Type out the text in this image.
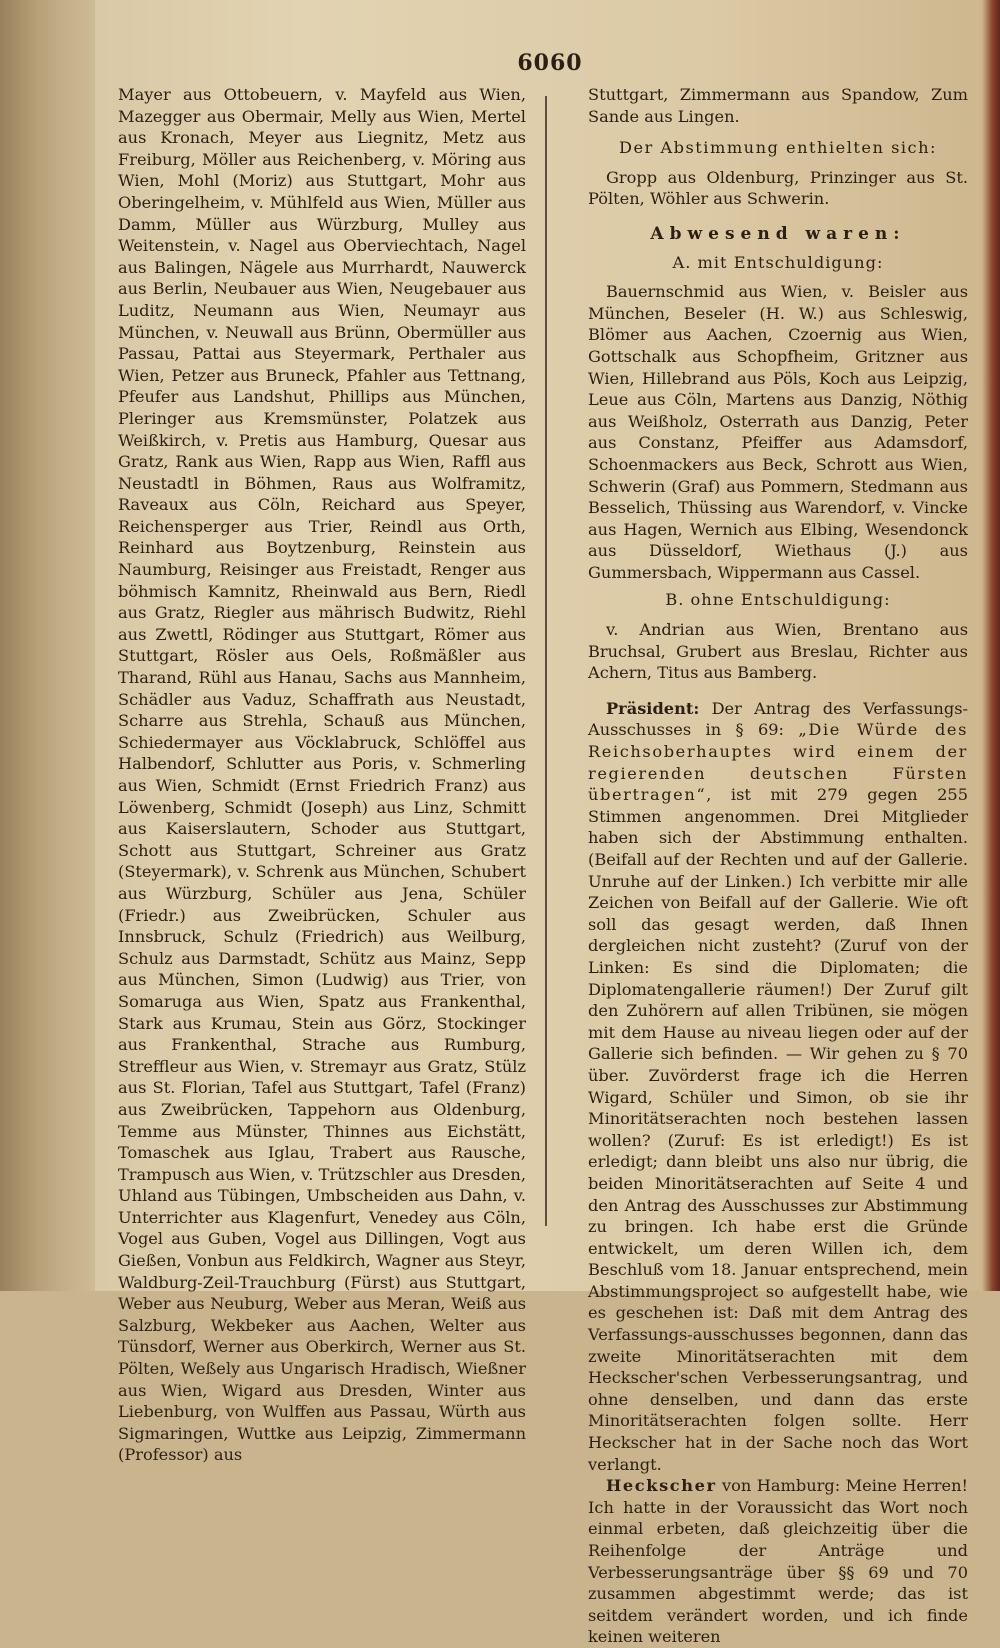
6060

Mayer aus Ottobeuern, v. Mayfeld aus Wien, Mazegger aus Obermair, Melly aus Wien, Mertel aus Kronach, Meyer aus Liegnitz, Metz aus Freiburg, Möller aus Reichenberg, v. Möring aus Wien, Mohl (Moriz) aus Stuttgart, Mohr aus Oberingelheim, v. Mühlfeld aus Wien, Müller aus Damm, Müller aus Würzburg, Mulley aus Weitenstein, v. Nagel aus Oberviechtach, Nagel aus Balingen, Nägele aus Murrhardt, Nauwerck aus Berlin, Neubauer aus Wien, Neugebauer aus Luditz, Neumann aus Wien, Neumayr aus München, v. Neuwall aus Brünn, Obermüller aus Passau, Pattai aus Steyermark, Perthaler aus Wien, Petzer aus Bruneck, Pfahler aus Tettnang, Pfeufer aus Landshut, Phillips aus München, Pleringer aus Kremsmünster, Polatzek aus Weißkirch, v. Pretis aus Hamburg, Quesar aus Gratz, Rank aus Wien, Rapp aus Wien, Raffl aus Neustadtl in Böhmen, Raus aus Wolframitz, Raveaux aus Cöln, Reichard aus Speyer, Reichensperger aus Trier, Reindl aus Orth, Reinhard aus Boytzenburg, Reinstein aus Naumburg, Reisinger aus Freistadt, Renger aus böhmisch Kamnitz, Rheinwald aus Bern, Riedl aus Gratz, Riegler aus mährisch Budwitz, Riehl aus Zwettl, Rödinger aus Stuttgart, Römer aus Stuttgart, Rösler aus Oels, Roßmäßler aus Tharand, Rühl aus Hanau, Sachs aus Mannheim, Schädler aus Vaduz, Schaffrath aus Neustadt, Scharre aus Strehla, Schauß aus München, Schiedermayer aus Vöcklabruck, Schlöffel aus Halbendorf, Schlutter aus Poris, v. Schmerling aus Wien, Schmidt (Ernst Friedrich Franz) aus Löwenberg, Schmidt (Joseph) aus Linz, Schmitt aus Kaiserslautern, Schoder aus Stuttgart, Schott aus Stuttgart, Schreiner aus Gratz (Steyermark), v. Schrenk aus München, Schubert aus Würzburg, Schüler aus Jena, Schüler (Friedr.) aus Zweibrücken, Schuler aus Innsbruck, Schulz (Friedrich) aus Weilburg, Schulz aus Darmstadt, Schütz aus Mainz, Sepp aus München, Simon (Ludwig) aus Trier, von Somaruga aus Wien, Spatz aus Frankenthal, Stark aus Krumau, Stein aus Görz, Stockinger aus Frankenthal, Strache aus Rumburg, Streffleur aus Wien, v. Stremayr aus Gratz, Stülz aus St. Florian, Tafel aus Stuttgart, Tafel (Franz) aus Zweibrücken, Tappehorn aus Oldenburg, Temme aus Münster, Thinnes aus Eichstätt, Tomaschek aus Iglau, Trabert aus Rausche, Trampusch aus Wien, v. Trützschler aus Dresden, Uhland aus Tübingen, Umbscheiden aus Dahn, v. Unterrichter aus Klagenfurt, Venedey aus Cöln, Vogel aus Guben, Vogel aus Dillingen, Vogt aus Gießen, Vonbun aus Feldkirch, Wagner aus Steyr, Waldburg-Zeil-Trauchburg (Fürst) aus Stuttgart, Weber aus Neuburg, Weber aus Meran, Weiß aus Salzburg, Wekbeker aus Aachen, Welter aus Tünsdorf, Werner aus Oberkirch, Werner aus St. Pölten, Weßely aus Ungarisch Hradisch, Wießner aus Wien, Wigard aus Dresden, Winter aus Liebenburg, von Wulffen aus Passau, Würth aus Sigmaringen, Wuttke aus Leipzig, Zimmermann (Professor) aus

Stuttgart, Zimmermann aus Spandow, Zum Sande aus Lingen.

Der Abstimmung enthielten sich:

Gropp aus Oldenburg, Prinzinger aus St. Pölten, Wöhler aus Schwerin.

Abwesend waren:

A. mit Entschuldigung:

Bauernschmid aus Wien, v. Beisler aus München, Beseler (H. W.) aus Schleswig, Blömer aus Aachen, Czoernig aus Wien, Gottschalk aus Schopfheim, Gritzner aus Wien, Hillebrand aus Pöls, Koch aus Leipzig, Leue aus Cöln, Martens aus Danzig, Nöthig aus Weißholz, Osterrath aus Danzig, Peter aus Constanz, Pfeiffer aus Adamsdorf, Schoenmackers aus Beck, Schrott aus Wien, Schwerin (Graf) aus Pommern, Stedmann aus Besselich, Thüssing aus Warendorf, v. Vincke aus Hagen, Wernich aus Elbing, Wesendonck aus Düsseldorf, Wiethaus (J.) aus Gummersbach, Wippermann aus Cassel.

B. ohne Entschuldigung:

v. Andrian aus Wien, Brentano aus Bruchsal, Grubert aus Breslau, Richter aus Achern, Titus aus Bamberg.

Präsident: Der Antrag des Verfassungs-Ausschusses in § 69: „Die Würde des Reichsoberhauptes wird einem der regierenden deutschen Fürsten übertragen“, ist mit 279 gegen 255 Stimmen angenommen. Drei Mitglieder haben sich der Abstimmung enthalten. (Beifall auf der Rechten und auf der Gallerie. Unruhe auf der Linken.) Ich verbitte mir alle Zeichen von Beifall auf der Gallerie. Wie oft soll das gesagt werden, daß Ihnen dergleichen nicht zusteht? (Zuruf von der Linken: Es sind die Diplomaten; die Diplomatengallerie räumen!) Der Zuruf gilt den Zuhörern auf allen Tribünen, sie mögen mit dem Hause au niveau liegen oder auf der Gallerie sich befinden. — Wir gehen zu § 70 über. Zuvörderst frage ich die Herren Wigard, Schüler und Simon, ob sie ihr Minoritätserachten noch bestehen lassen wollen? (Zuruf: Es ist erledigt!) Es ist erledigt; dann bleibt uns also nur übrig, die beiden Minoritätserachten auf Seite 4 und den Antrag des Ausschusses zur Abstimmung zu bringen. Ich habe erst die Gründe entwickelt, um deren Willen ich, dem Beschluß vom 18. Januar entsprechend, mein Abstimmungsproject so aufgestellt habe, wie es geschehen ist: Daß mit dem Antrag des Verfassungs-ausschusses begonnen, dann das zweite Minoritätserachten mit dem Heckscher'schen Verbesserungsantrag, und ohne denselben, und dann das erste Minoritätserachten folgen sollte. Herr Heckscher hat in der Sache noch das Wort verlangt.

Heckscher von Hamburg: Meine Herren! Ich hatte in der Voraussicht das Wort noch einmal erbeten, daß gleichzeitig über die Reihenfolge der Anträge und Verbesserungsanträge über §§ 69 und 70 zusammen abgestimmt werde; das ist seitdem verändert worden, und ich finde keinen weiteren
